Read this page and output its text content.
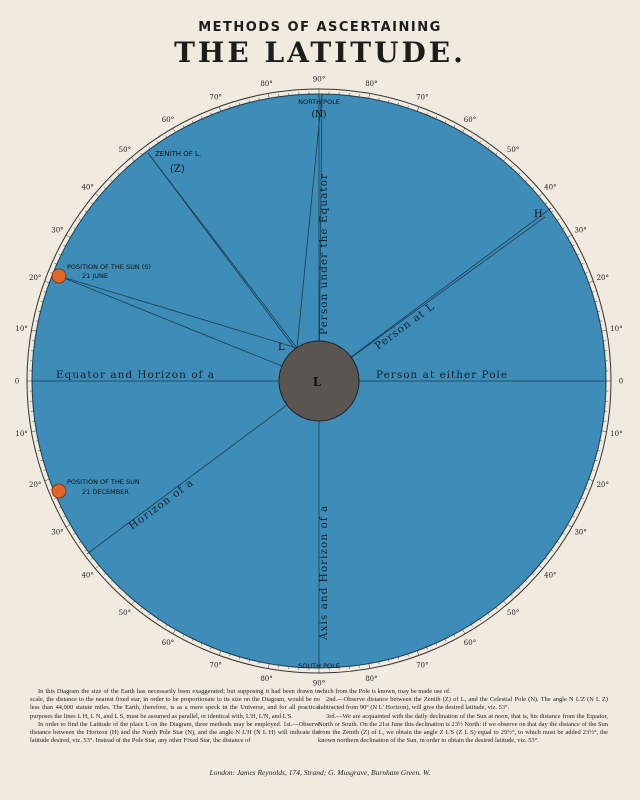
METHODS OF ASCERTAINING
THE LATITUDE.
10°
20°
30°
40°
50°
60°
70°
80°
90°
80°
70°
60°
50°
40°
30°
20°
10°
10°
20°
30°
40°
50°
60°
70°
80°
90°
80°
70°
60°
50°
40°
30°
20°
10°
0	0
L
NORTH POLE
(N)
SOUTH POLE
ZENITH OF L.
(Z)
H
L
POSITION OF THE SUN (S)
21 JUNE
POSITION OF THE SUN
21 DECEMBER
Equator and Horizon of a	Person at either Pole
Person under the Equator
Axis and Horizon of a
Horizon of a
Person at L

In this Diagram the size of the Earth has necessarily been exaggerated; but supposing it had been drawn to scale, the distance to the nearest fixed star, in order to be proportionate to its size on the Diagram, would be no less than 44,000 statute miles. The Earth, therefore, is as a mere speck in the Universe, and for all practical purposes the lines L H, L N, and L S, must be assumed as parallel, or identical with, L'H, L'N, and L'S.

In order to find the Latitude of the place L on the Diagram, three methods may be employed. 1st.—Observe distance between the Horizon (H) and the North Pole Star (N), and the angle N L'H (N L H) will indicate the latitude desired, viz. 53°. Instead of the Pole Star, any other Fixed Star, the distance of

which from the Pole is known, may be made use of.

2nd.—Observe distance between the Zenith (Z) of L, and the Celestial Pole (N). The angle N L'Z (N L Z) subtracted from 90° (N L' Horizon), will give the desired latitude, viz. 53°.

3rd.—We are acquainted with the daily declination of the Sun at noon, that is, his distance from the Equator, North or South. On the 21st June this declination is 23½ North: if we observe on that day the distance of the Sun from the Zenith (Z) of L, we obtain the angle Z L'S (Z L S) equal to 29½°, to which must be added 23½°, the known northern declination of the Sun, in order to obtain the desired latitude, viz. 53°.

London: James Reynolds, 174, Strand; G. Musgrave, Burnham Green. W.
